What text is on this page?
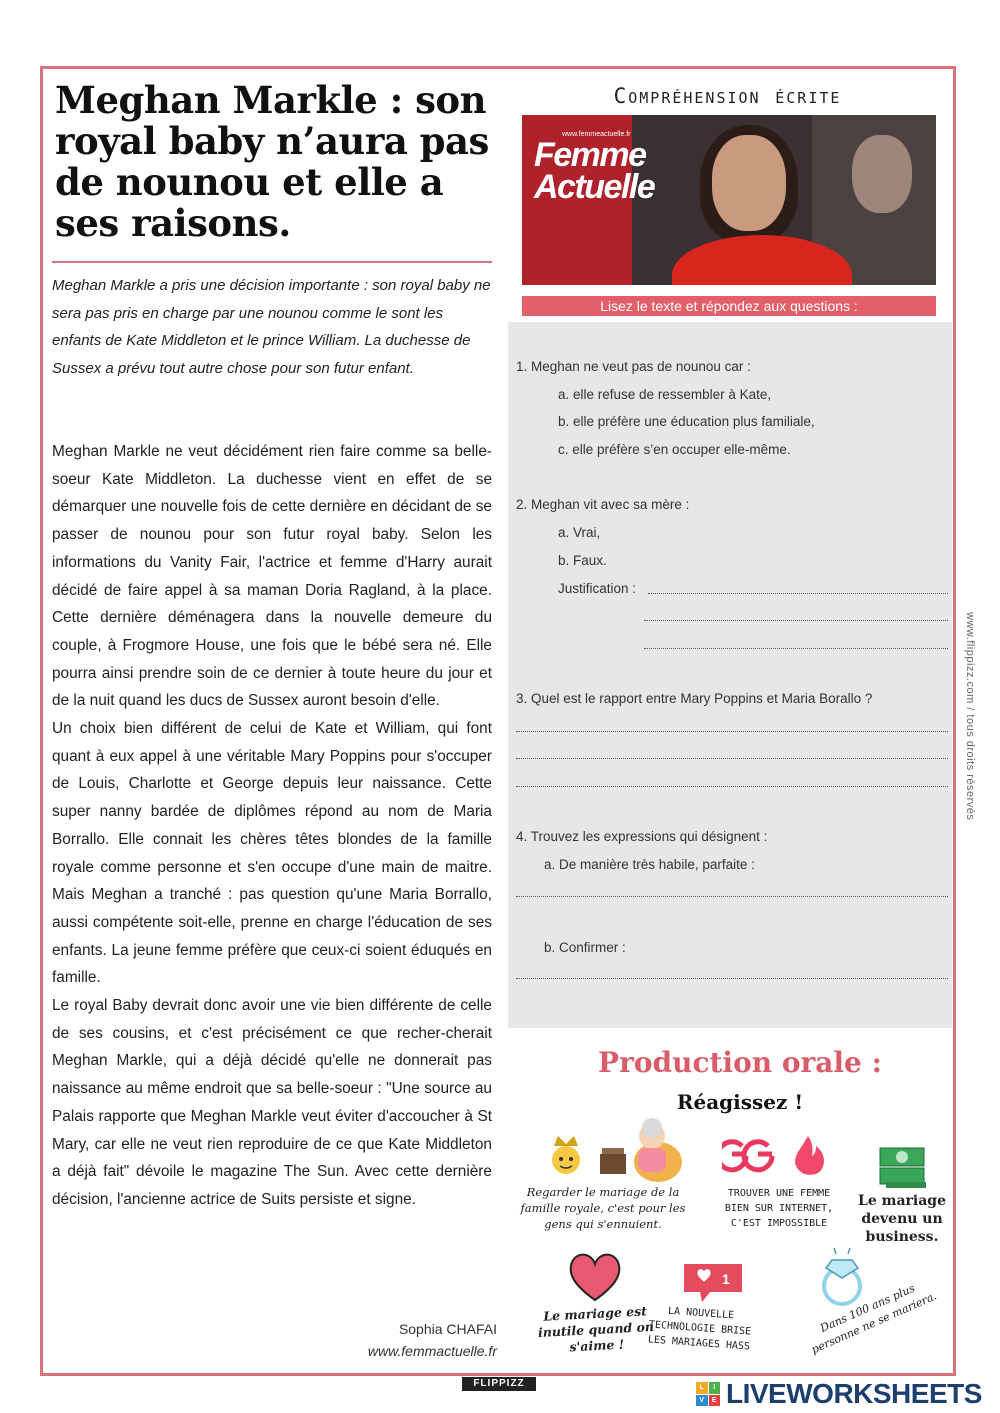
Meghan Markle : son royal baby n’aura pas de nounou et elle a ses raisons.

Meghan Markle a pris une décision importante : son royal baby ne sera pas pris en charge par une nounou comme le sont les enfants de Kate Middleton et le prince William. La duchesse de Sussex a prévu tout autre chose pour son futur enfant.

Meghan Markle ne veut décidément rien faire comme sa belle-soeur Kate Middleton. La duchesse vient en effet de se démarquer une nouvelle fois de cette dernière en décidant de se passer de nounou pour son futur royal baby. Selon les informations du Vanity Fair, l'actrice et femme d'Harry aurait décidé de faire appel à sa maman Doria Ragland, à la place. Cette dernière déménagera dans la nouvelle demeure du couple, à Frogmore House, une fois que le bébé sera né. Elle pourra ainsi prendre soin de ce dernier à toute heure du jour et de la nuit quand les ducs de Sussex auront besoin d'elle.

Un choix bien différent de celui de Kate et William, qui font quant à eux appel à une véritable Mary Poppins pour s'occuper de Louis, Charlotte et George depuis leur naissance. Cette super nanny bardée de diplômes répond au nom de Maria Borrallo. Elle connait les chères têtes blondes de la famille royale comme personne et s'en occupe d'une main de maitre. Mais Meghan a tranché : pas question qu'une Maria Borrallo, aussi compétente soit-elle, prenne en charge l'éducation de ses enfants. La jeune femme préfère que ceux-ci soient éduqués en famille.

Le royal Baby devrait donc avoir une vie bien différente de celle de ses cousins, et c'est précisément ce que recher-cherait Meghan Markle, qui a déjà décidé qu'elle ne donnerait pas naissance au même endroit que sa belle-soeur : "Une source au Palais rapporte que Meghan Markle veut éviter d'accoucher à St Mary, car elle ne veut rien reproduire de ce que Kate Middleton a déjà fait" dévoile le magazine The Sun. Avec cette dernière décision, l'ancienne actrice de Suits persiste et signe.

Sophia CHAFAI
www.femmactuelle.fr
Compréhension écrite
www.femmeactuelle.fr
Femme
Actuelle
Lisez le texte et répondez aux questions :
1. Meghan ne veut pas de nounou car :
a. elle refuse de ressembler à Kate,
b. elle préfère une éducation plus familiale,
c. elle préfère s’en occuper elle-même.
2. Meghan vit avec sa mère :
a. Vrai,
b. Faux.
Justification :
3. Quel est le rapport entre Mary Poppins et Maria Borallo ?
4. Trouvez les expressions qui désignent :
a. De manière très habile, parfaite :
b. Confirmer :
www.flippizz.com / tous droits réservés
Production orale :
Réagissez !
Regarder le mariage de la famille royale, c'est pour les gens qui s'ennuient.
TROUVER UNE FEMME BIEN SUR INTERNET, C'EST IMPOSSIBLE
Le mariage devenu un business.
Le mariage est inutile quand on s'aime !
1
LA NOUVELLE TECHNOLOGIE BRISE LES MARIAGES HASS
Dans 100 ans plus personne ne se mariera.
FLIPPIZZ	L	I
V	E LIVEWORKSHEETS
